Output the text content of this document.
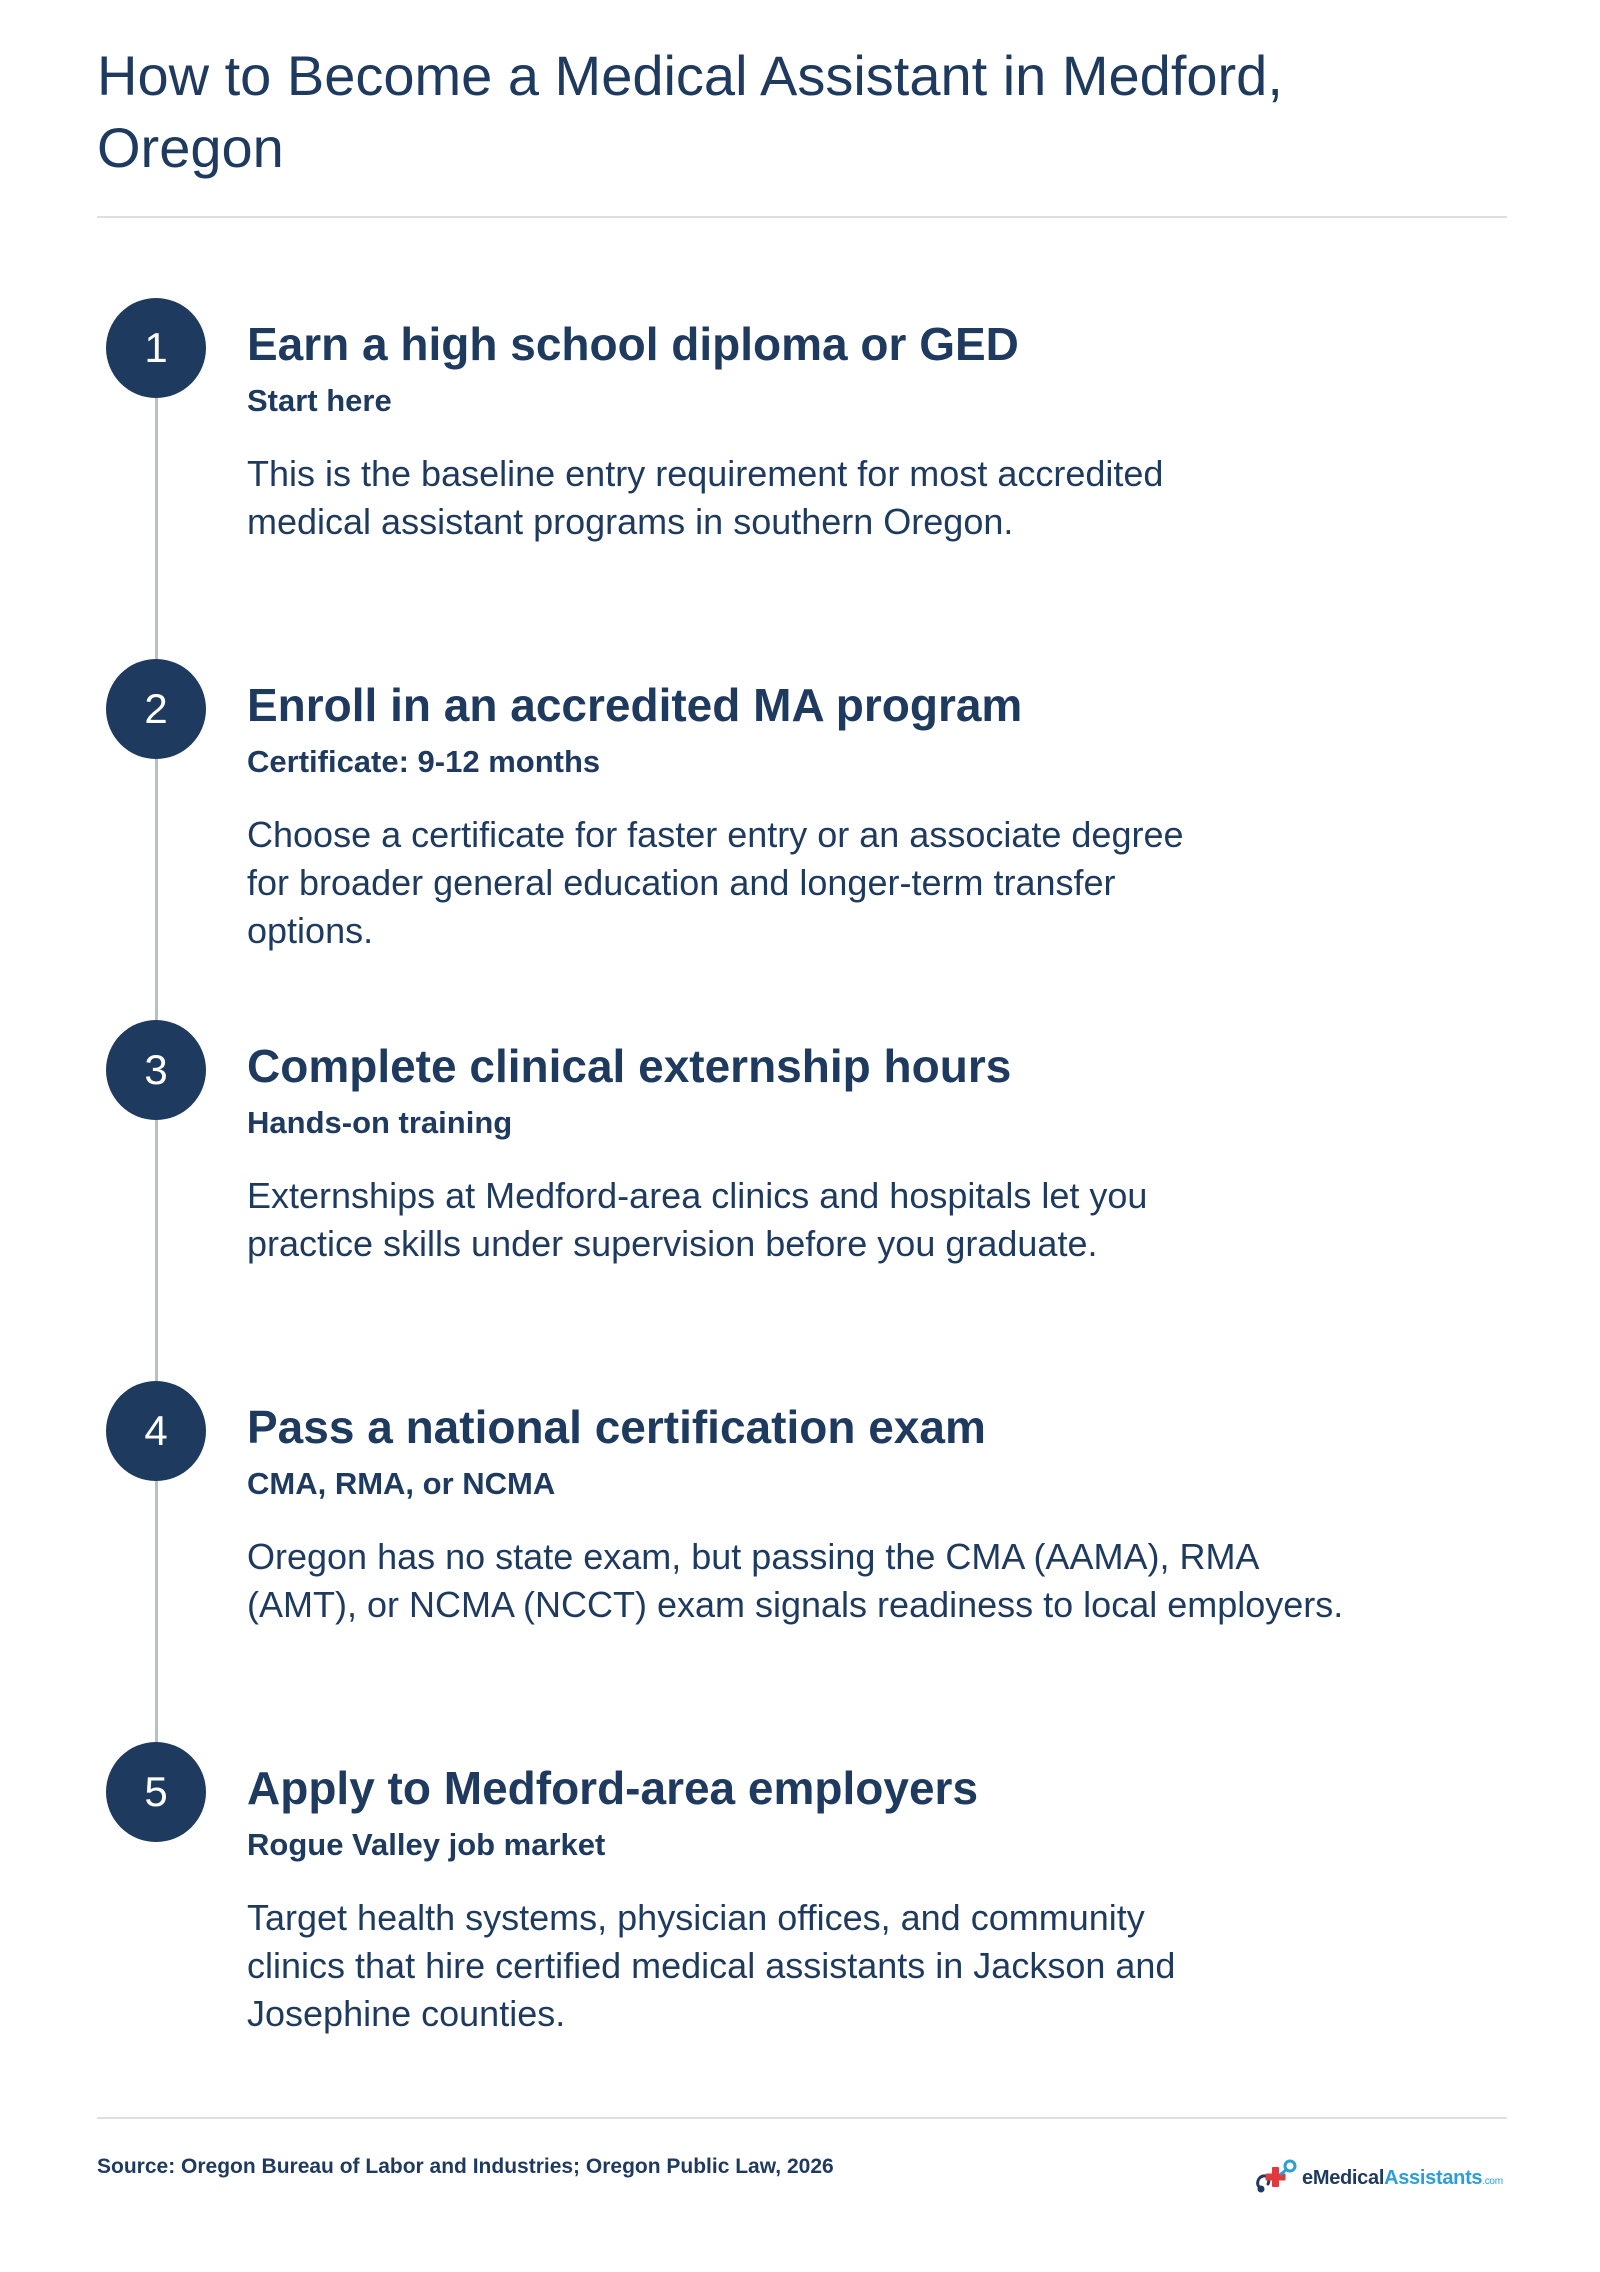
How to Become a Medical Assistant in Medford, Oregon
1	Earn a high school diploma or GED
Start here

This is the baseline entry requirement for most accredited medical assistant programs in southern Oregon.

2	Enroll in an accredited MA program
Certificate: 9-12 months

Choose a certificate for faster entry or an associate degree for broader general education and longer-term transfer options.

3	Complete clinical externship hours
Hands-on training

Externships at Medford-area clinics and hospitals let you practice skills under supervision before you graduate.

4	Pass a national certification exam
CMA, RMA, or NCMA

Oregon has no state exam, but passing the CMA (AAMA), RMA (AMT), or NCMA (NCCT) exam signals readiness to local employers.

5	Apply to Medford-area employers
Rogue Valley job market

Target health systems, physician offices, and community clinics that hire certified medical assistants in Jackson and Josephine counties.

Source: Oregon Bureau of Labor and Industries; Oregon Public Law, 2026	eMedicalAssistants.com
